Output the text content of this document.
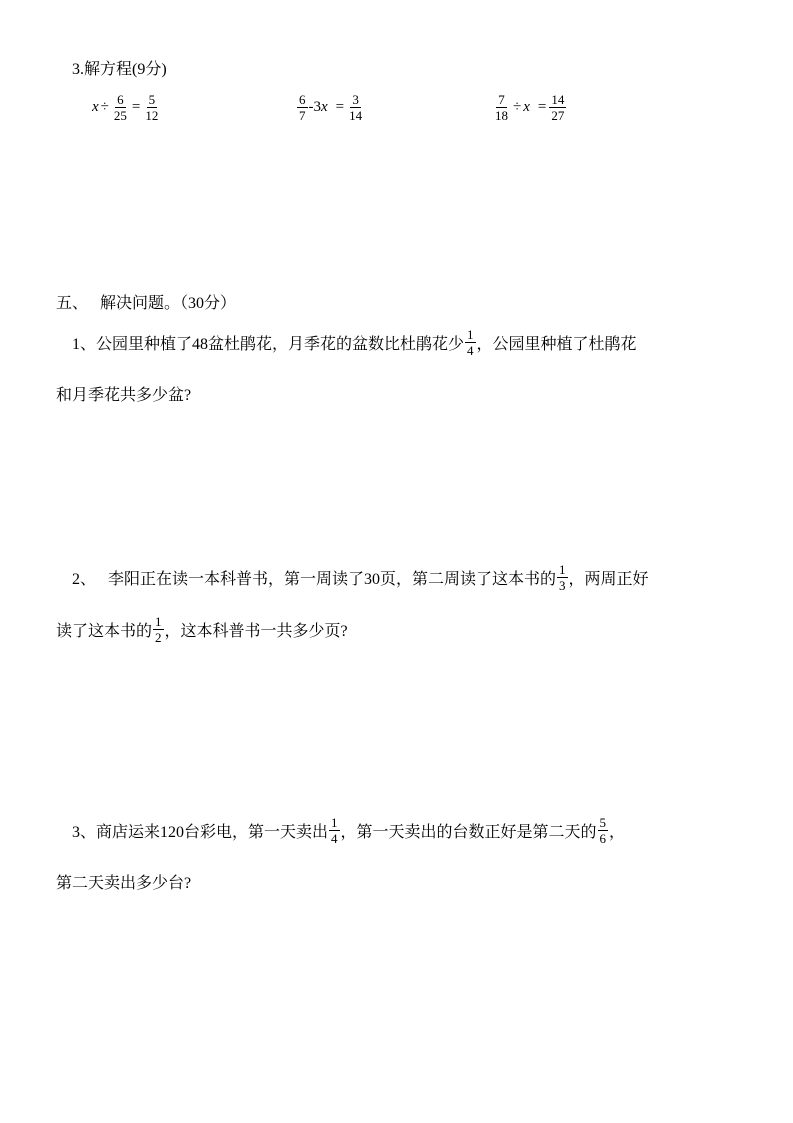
3.解方程(9分)
$x \div \frac{6}{25} = \frac{5}{12}$	$\frac{6}{7} -3$ $x = \frac{3}{14}$	$\frac{7}{18} \div x = \frac{14}{27}$
五、   解决问题。（30分）
1、公园里种植了48盆杜鹃花，月季花的盆数比杜鹃花少 $\frac{1}{4}$ ，公园里种植了杜鹃花
和月季花共多少盆?
2、   李阳正在读一本科普书，第一周读了30页，第二周读了这本书的 $\frac{1}{3}$ ，两周正好
读了这本书的 $\frac{1}{2}$ ，这本科普书一共多少页?
3、商店运来120台彩电，第一天卖出 $\frac{1}{4}$ ，第一天卖出的台数正好是第二天的 $\frac{5}{6}$ ，
第二天卖出多少台?
